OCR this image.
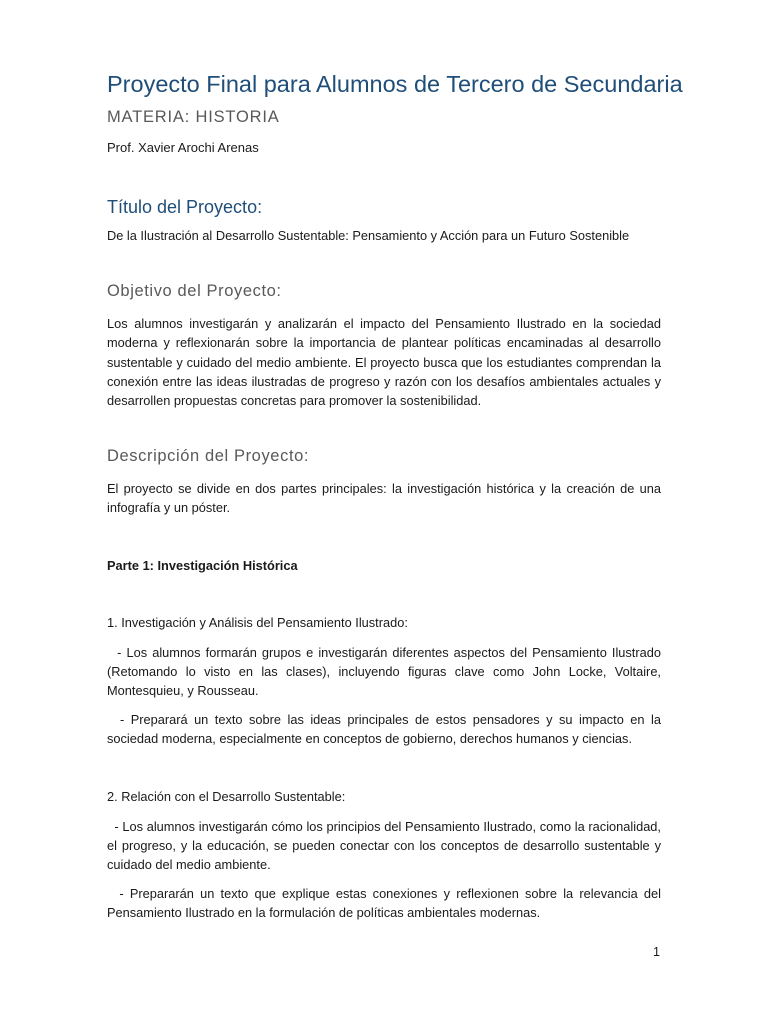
Proyecto Final para Alumnos de Tercero de Secundaria
MATERIA: HISTORIA
Prof. Xavier Arochi Arenas
Título del Proyecto:

De la Ilustración al Desarrollo Sustentable: Pensamiento y Acción para un Futuro Sostenible

Objetivo del Proyecto:

Los alumnos investigarán y analizarán el impacto del Pensamiento Ilustrado en la sociedad moderna y reflexionarán sobre la importancia de plantear políticas encaminadas al desarrollo sustentable y cuidado del medio ambiente. El proyecto busca que los estudiantes comprendan la conexión entre las ideas ilustradas de progreso y razón con los desafíos ambientales actuales y desarrollen propuestas concretas para promover la sostenibilidad.

Descripción del Proyecto:

El proyecto se divide en dos partes principales: la investigación histórica y la creación de una infografía y un póster.

Parte 1: Investigación Histórica
1. Investigación y Análisis del Pensamiento Ilustrado:

- Los alumnos formarán grupos e investigarán diferentes aspectos del Pensamiento Ilustrado (Retomando lo visto en las clases), incluyendo figuras clave como John Locke, Voltaire, Montesquieu, y Rousseau.

- Preparará un texto sobre las ideas principales de estos pensadores y su impacto en la sociedad moderna, especialmente en conceptos de gobierno, derechos humanos y ciencias.

2. Relación con el Desarrollo Sustentable:

- Los alumnos investigarán cómo los principios del Pensamiento Ilustrado, como la racionalidad, el progreso, y la educación, se pueden conectar con los conceptos de desarrollo sustentable y cuidado del medio ambiente.

- Prepararán un texto que explique estas conexiones y reflexionen sobre la relevancia del Pensamiento Ilustrado en la formulación de políticas ambientales modernas.

1
